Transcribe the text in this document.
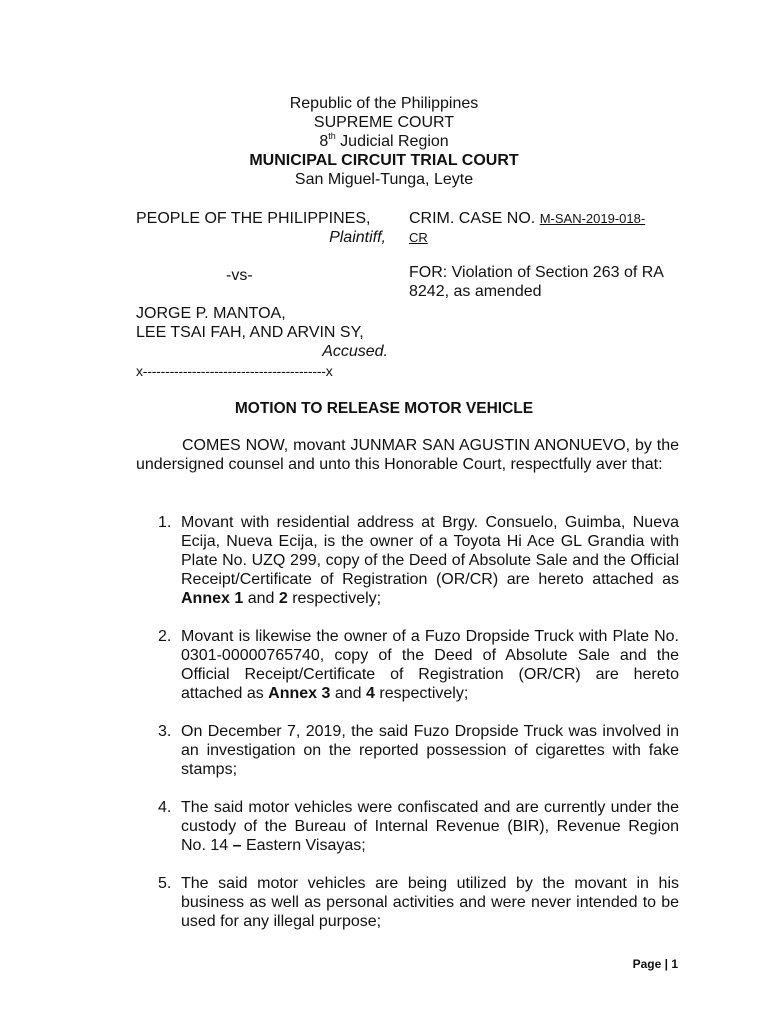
Republic of the Philippines
SUPREME COURT
8th Judicial Region
MUNICIPAL CIRCUIT TRIAL COURT
San Miguel-Tunga, Leyte
PEOPLE OF THE PHILIPPINES,
Plaintiff,
CRIM. CASE NO. M-SAN-2019-018-
CR
FOR: Violation of Section 263 of RA
8242, as amended
-vs-
JORGE P. MANTOA,
LEE TSAI FAH, AND ARVIN SY,
Accused.
x-----------------------------------------x
MOTION TO RELEASE MOTOR VEHICLE

COMES NOW, movant JUNMAR SAN AGUSTIN ANONUEVO, by the undersigned counsel and unto this Honorable Court, respectfully aver that:

1. Movant with residential address at Brgy. Consuelo, Guimba, Nueva Ecija, Nueva Ecija, is the owner of a Toyota Hi Ace GL Grandia with Plate No. UZQ 299, copy of the Deed of Absolute Sale and the Official Receipt/Certificate of Registration (OR/CR) are hereto attached as Annex 1 and 2 respectively;
2. Movant is likewise the owner of a Fuzo Dropside Truck with Plate No. 0301-00000765740, copy of the Deed of Absolute Sale and the Official Receipt/Certificate of Registration (OR/CR) are hereto attached as Annex 3 and 4 respectively;
3. On December 7, 2019, the said Fuzo Dropside Truck was involved in an investigation on the reported possession of cigarettes with fake stamps;
4. The said motor vehicles were confiscated and are currently under the custody of the Bureau of Internal Revenue (BIR), Revenue Region No. 14 – Eastern Visayas;
5. The said motor vehicles are being utilized by the movant in his business as well as personal activities and were never intended to be used for any illegal purpose;
Page | 1
